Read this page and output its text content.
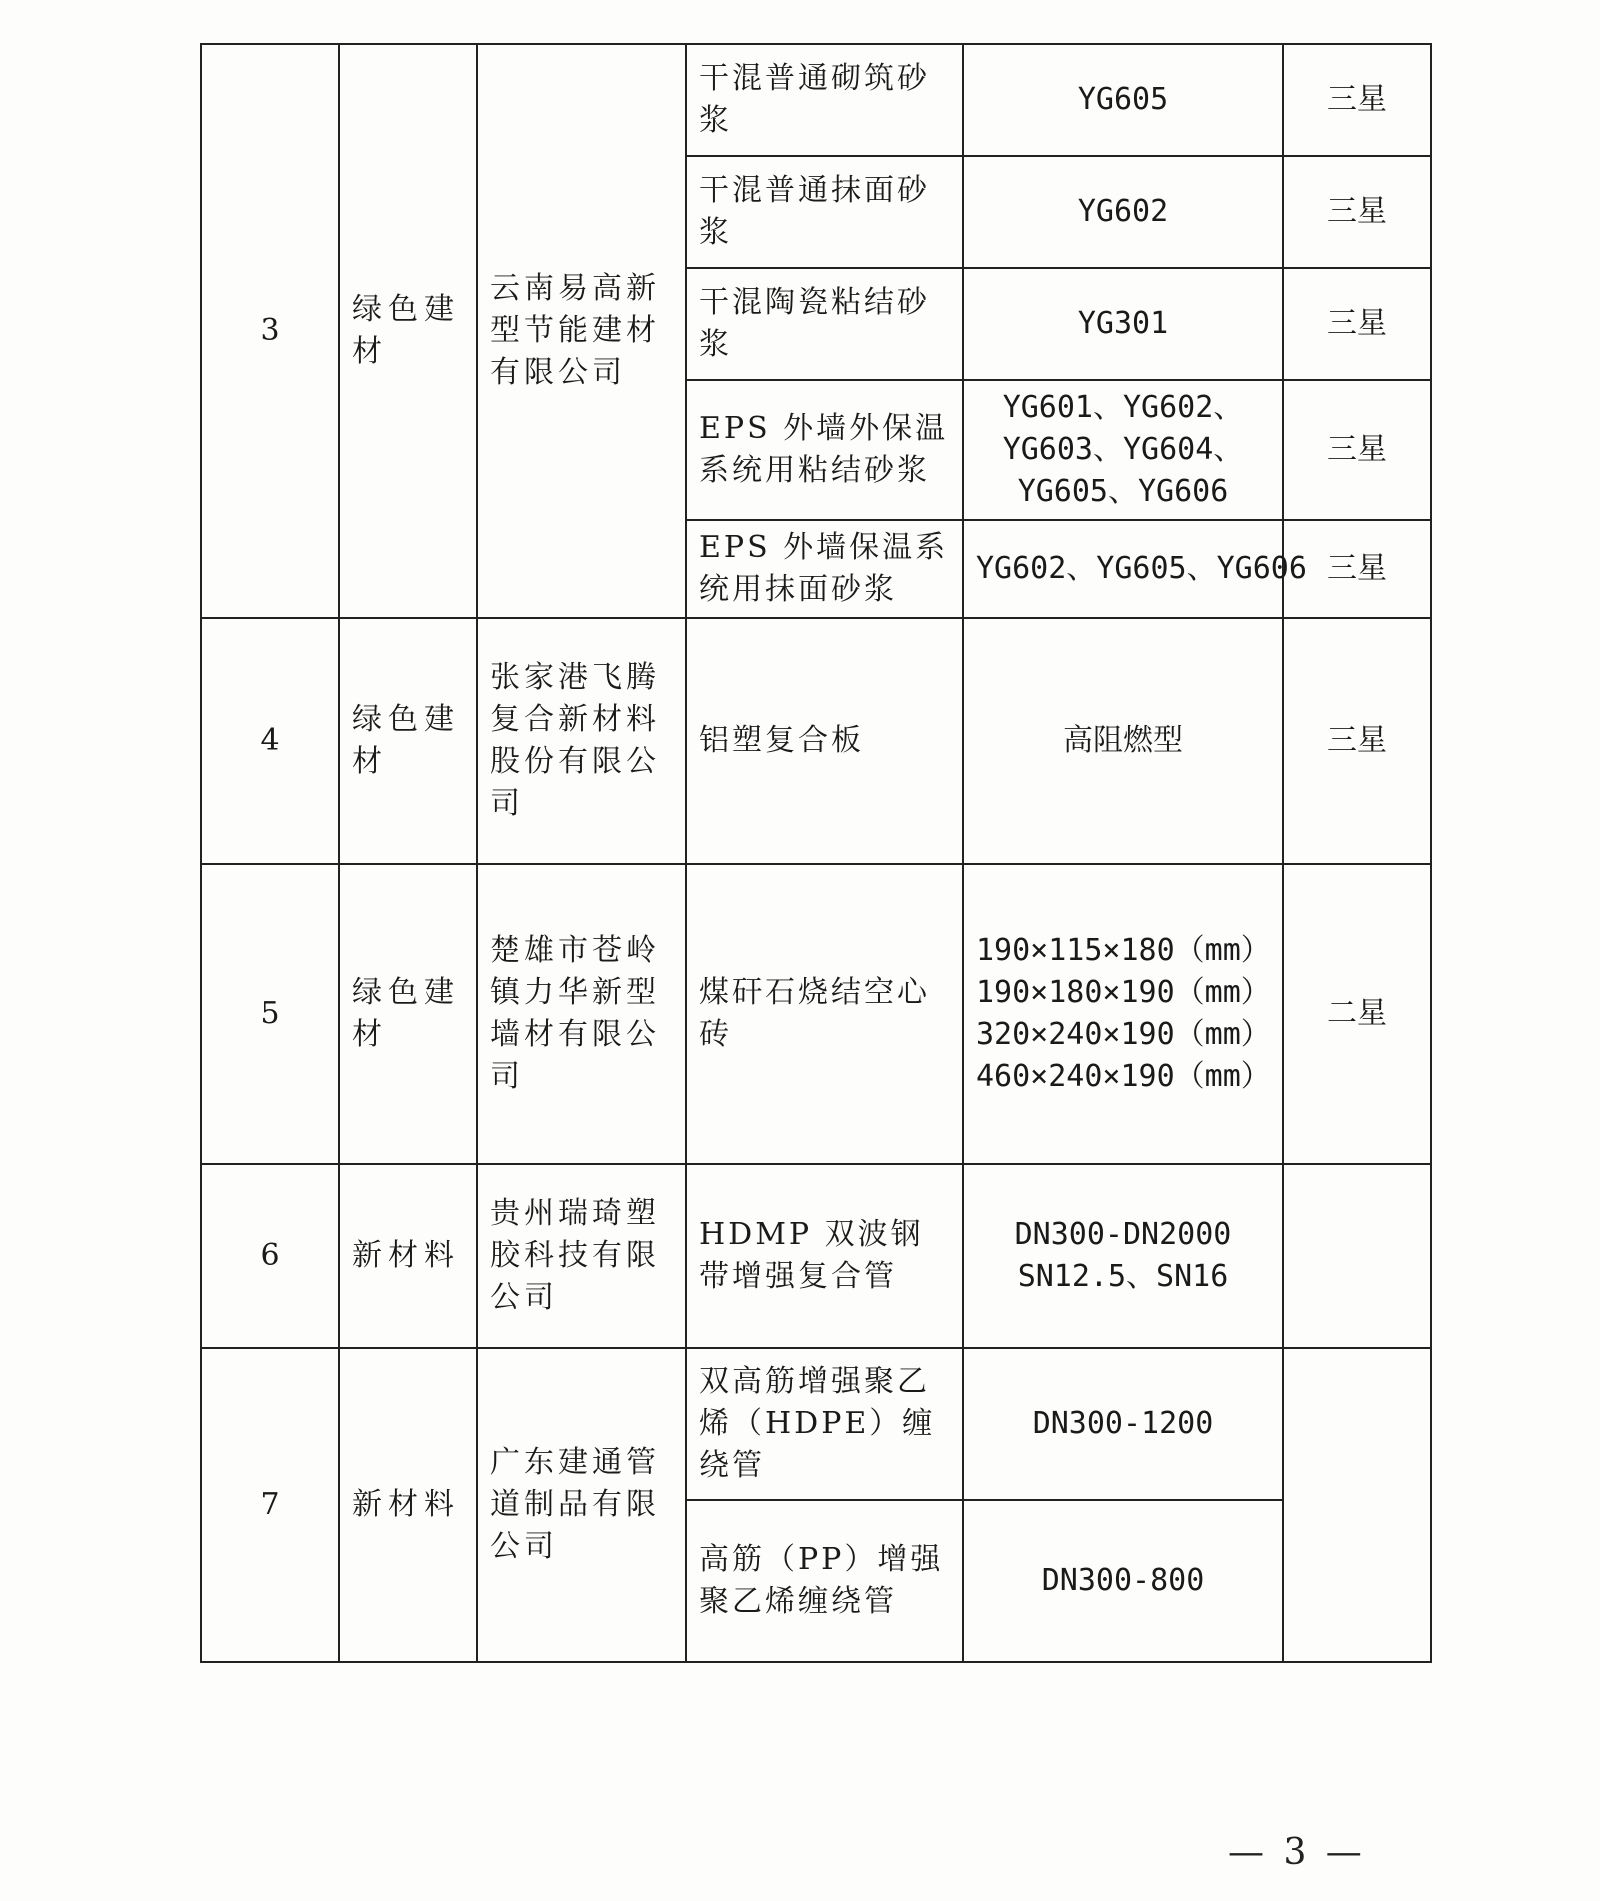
3	绿色建材	云南易高新型节能建材有限公司	干混普通砌筑砂浆	YG605	三星
			干混普通抹面砂浆	YG602	三星
			干混陶瓷粘结砂浆	YG301	三星
			EPS 外墙外保温系统用粘结砂浆	YG601、YG602、
YG603、YG604、
YG605、YG606	三星
			EPS 外墙保温系统用抹面砂浆	YG602、YG605、YG606	三星
4	绿色建材	张家港飞腾复合新材料股份有限公司	铝塑复合板	高阻燃型	三星
5	绿色建材	楚雄市苍岭镇力华新型墙材有限公司	煤矸石烧结空心砖	190×115×180（mm）
190×180×190（mm）
320×240×190（mm）
460×240×190（mm）	二星
6	新材料	贵州瑞琦塑胶科技有限公司	HDMP 双波钢带增强复合管	DN300-DN2000
SN12.5、SN16	

7	新材料	广东建通管道制品有限公司	双高筋增强聚乙烯（HDPE）缠绕管	DN300-1200	

			高筋（PP）增强聚乙烯缠绕管	DN300-800	
— 3 —
